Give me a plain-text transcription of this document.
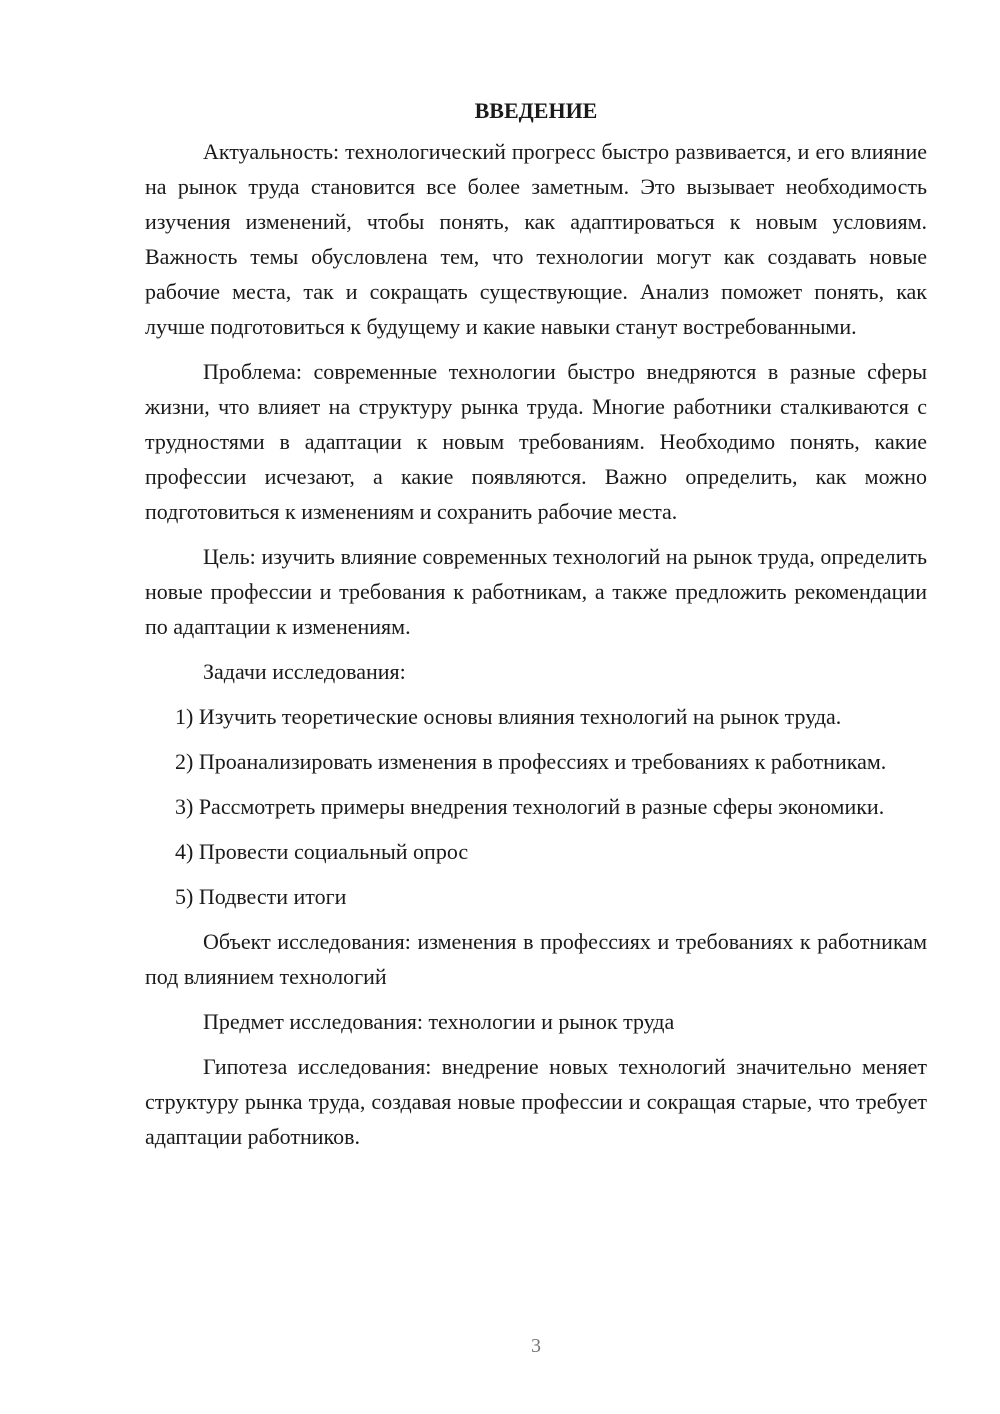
ВВЕДЕНИЕ

Актуальность: технологический прогресс быстро развивается, и его влияние на рынок труда становится все более заметным. Это вызывает необходимость изучения изменений, чтобы понять, как адаптироваться к новым условиям. Важность темы обусловлена тем, что технологии могут как создавать новые рабочие места, так и сокращать существующие. Анализ поможет понять, как лучше подготовиться к будущему и какие навыки станут востребованными.

Проблема: современные технологии быстро внедряются в разные сферы жизни, что влияет на структуру рынка труда. Многие работники сталкиваются с трудностями в адаптации к новым требованиям. Необходимо понять, какие профессии исчезают, а какие появляются. Важно определить, как можно подготовиться к изменениям и сохранить рабочие места.

Цель: изучить влияние современных технологий на рынок труда, определить новые профессии и требования к работникам, а также предложить рекомендации по адаптации к изменениям.

Задачи исследования:

1) Изучить теоретические основы влияния технологий на рынок труда.

2) Проанализировать изменения в профессиях и требованиях к работникам.

3) Рассмотреть примеры внедрения технологий в разные сферы экономики.

4) Провести социальный опрос

5) Подвести итоги

Объект исследования: изменения в профессиях и требованиях к работникам под влиянием технологий

Предмет исследования: технологии и рынок труда

Гипотеза исследования: внедрение новых технологий значительно меняет структуру рынка труда, создавая новые профессии и сокращая старые, что требует адаптации работников.

3
